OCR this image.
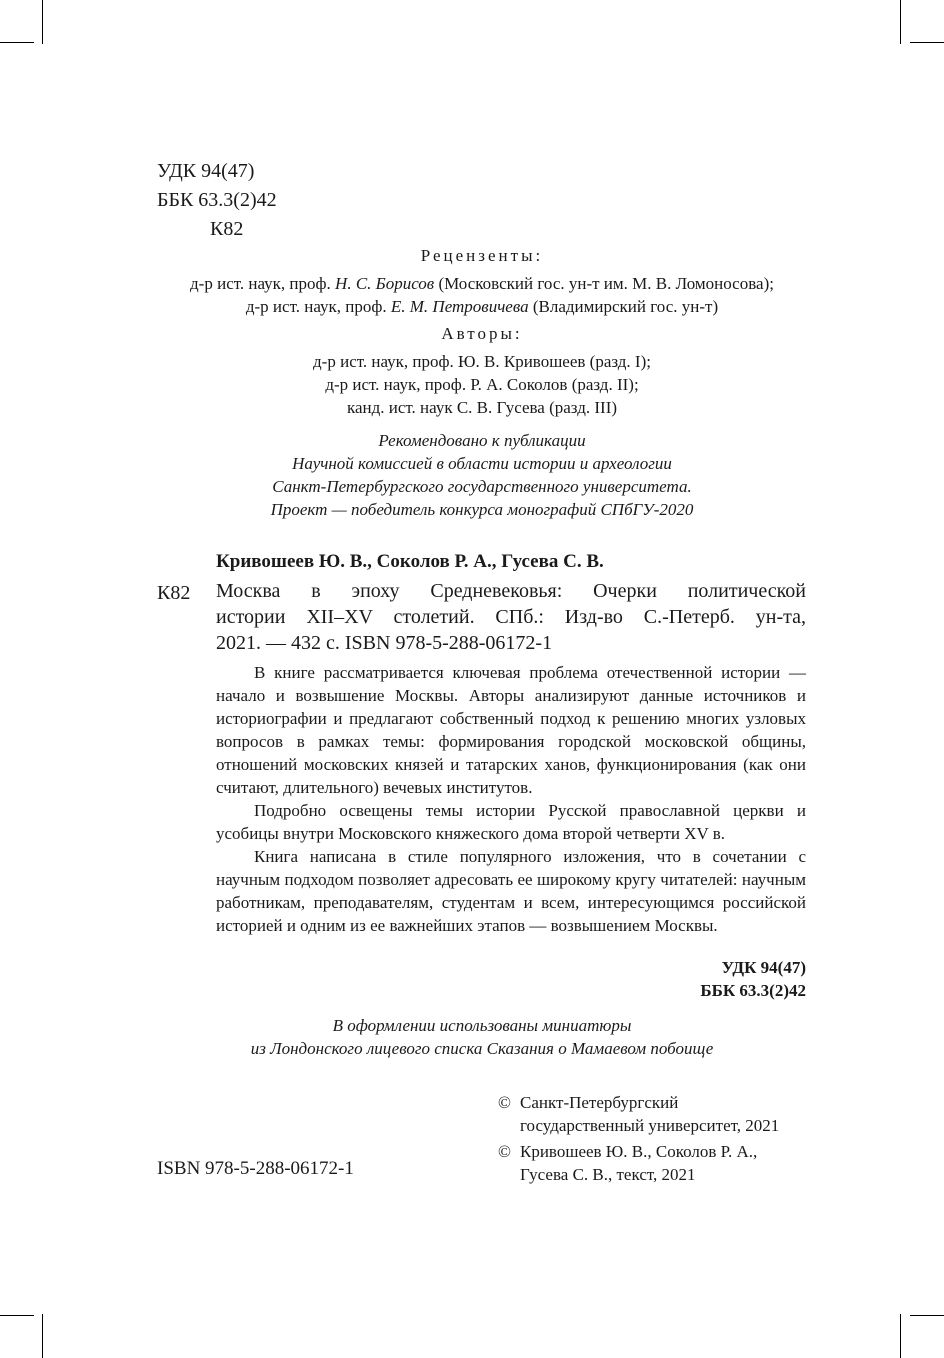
УДК 94(47)
ББК 63.3(2)42
К82
Рецензенты:
д-р ист. наук, проф. Н. С. Борисов (Московский гос. ун-т им. М. В. Ломоносова);
д-р ист. наук, проф. Е. М. Петровичева (Владимирский гос. ун-т)
Авторы:
д-р ист. наук, проф. Ю. В. Кривошеев (разд. I);
д-р ист. наук, проф. Р. А. Соколов (разд. II);
канд. ист. наук С. В. Гусева (разд. III)
Рекомендовано к публикации
Научной комиссией в области истории и археологии
Санкт-Петербургского государственного университета.
Проект — победитель конкурса монографий СПбГУ-2020
Кривошеев Ю. В., Соколов Р. А., Гусева С. В.
К82 Москва в эпоху Средневековья: Очерки политической
истории XII–XV столетий. СПб.: Изд-во С.-Петерб. ун-та,
2021. — 432 с. ISBN 978-5-288-06172-1

В книге рассматривается ключевая проблема отечественной истории — начало и возвышение Москвы. Авторы анализируют данные источников и историографии и предлагают собственный подход к решению многих узловых вопросов в рамках темы: формирования городской московской общины, отношений московских князей и татарских ханов, функционирования (как они считают, длительного) вечевых институтов.

Подробно освещены темы истории Русской православной церкви и усобицы внутри Московского княжеского дома второй четверти XV в.

Книга написана в стиле популярного изложения, что в сочетании с научным подходом позволяет адресовать ее широкому кругу читателей: научным работникам, преподавателям, студентам и всем, интересующимся российской историей и одним из ее важнейших этапов — возвышением Москвы.

УДК 94(47)
ББК 63.3(2)42
В оформлении использованы миниатюры
из Лондонского лицевого списка Сказания о Мамаевом побоище
© Санкт-Петербургский
государственный университет, 2021
© Кривошеев Ю. В., Соколов Р. А.,
Гусева С. В., текст, 2021
ISBN 978-5-288-06172-1
